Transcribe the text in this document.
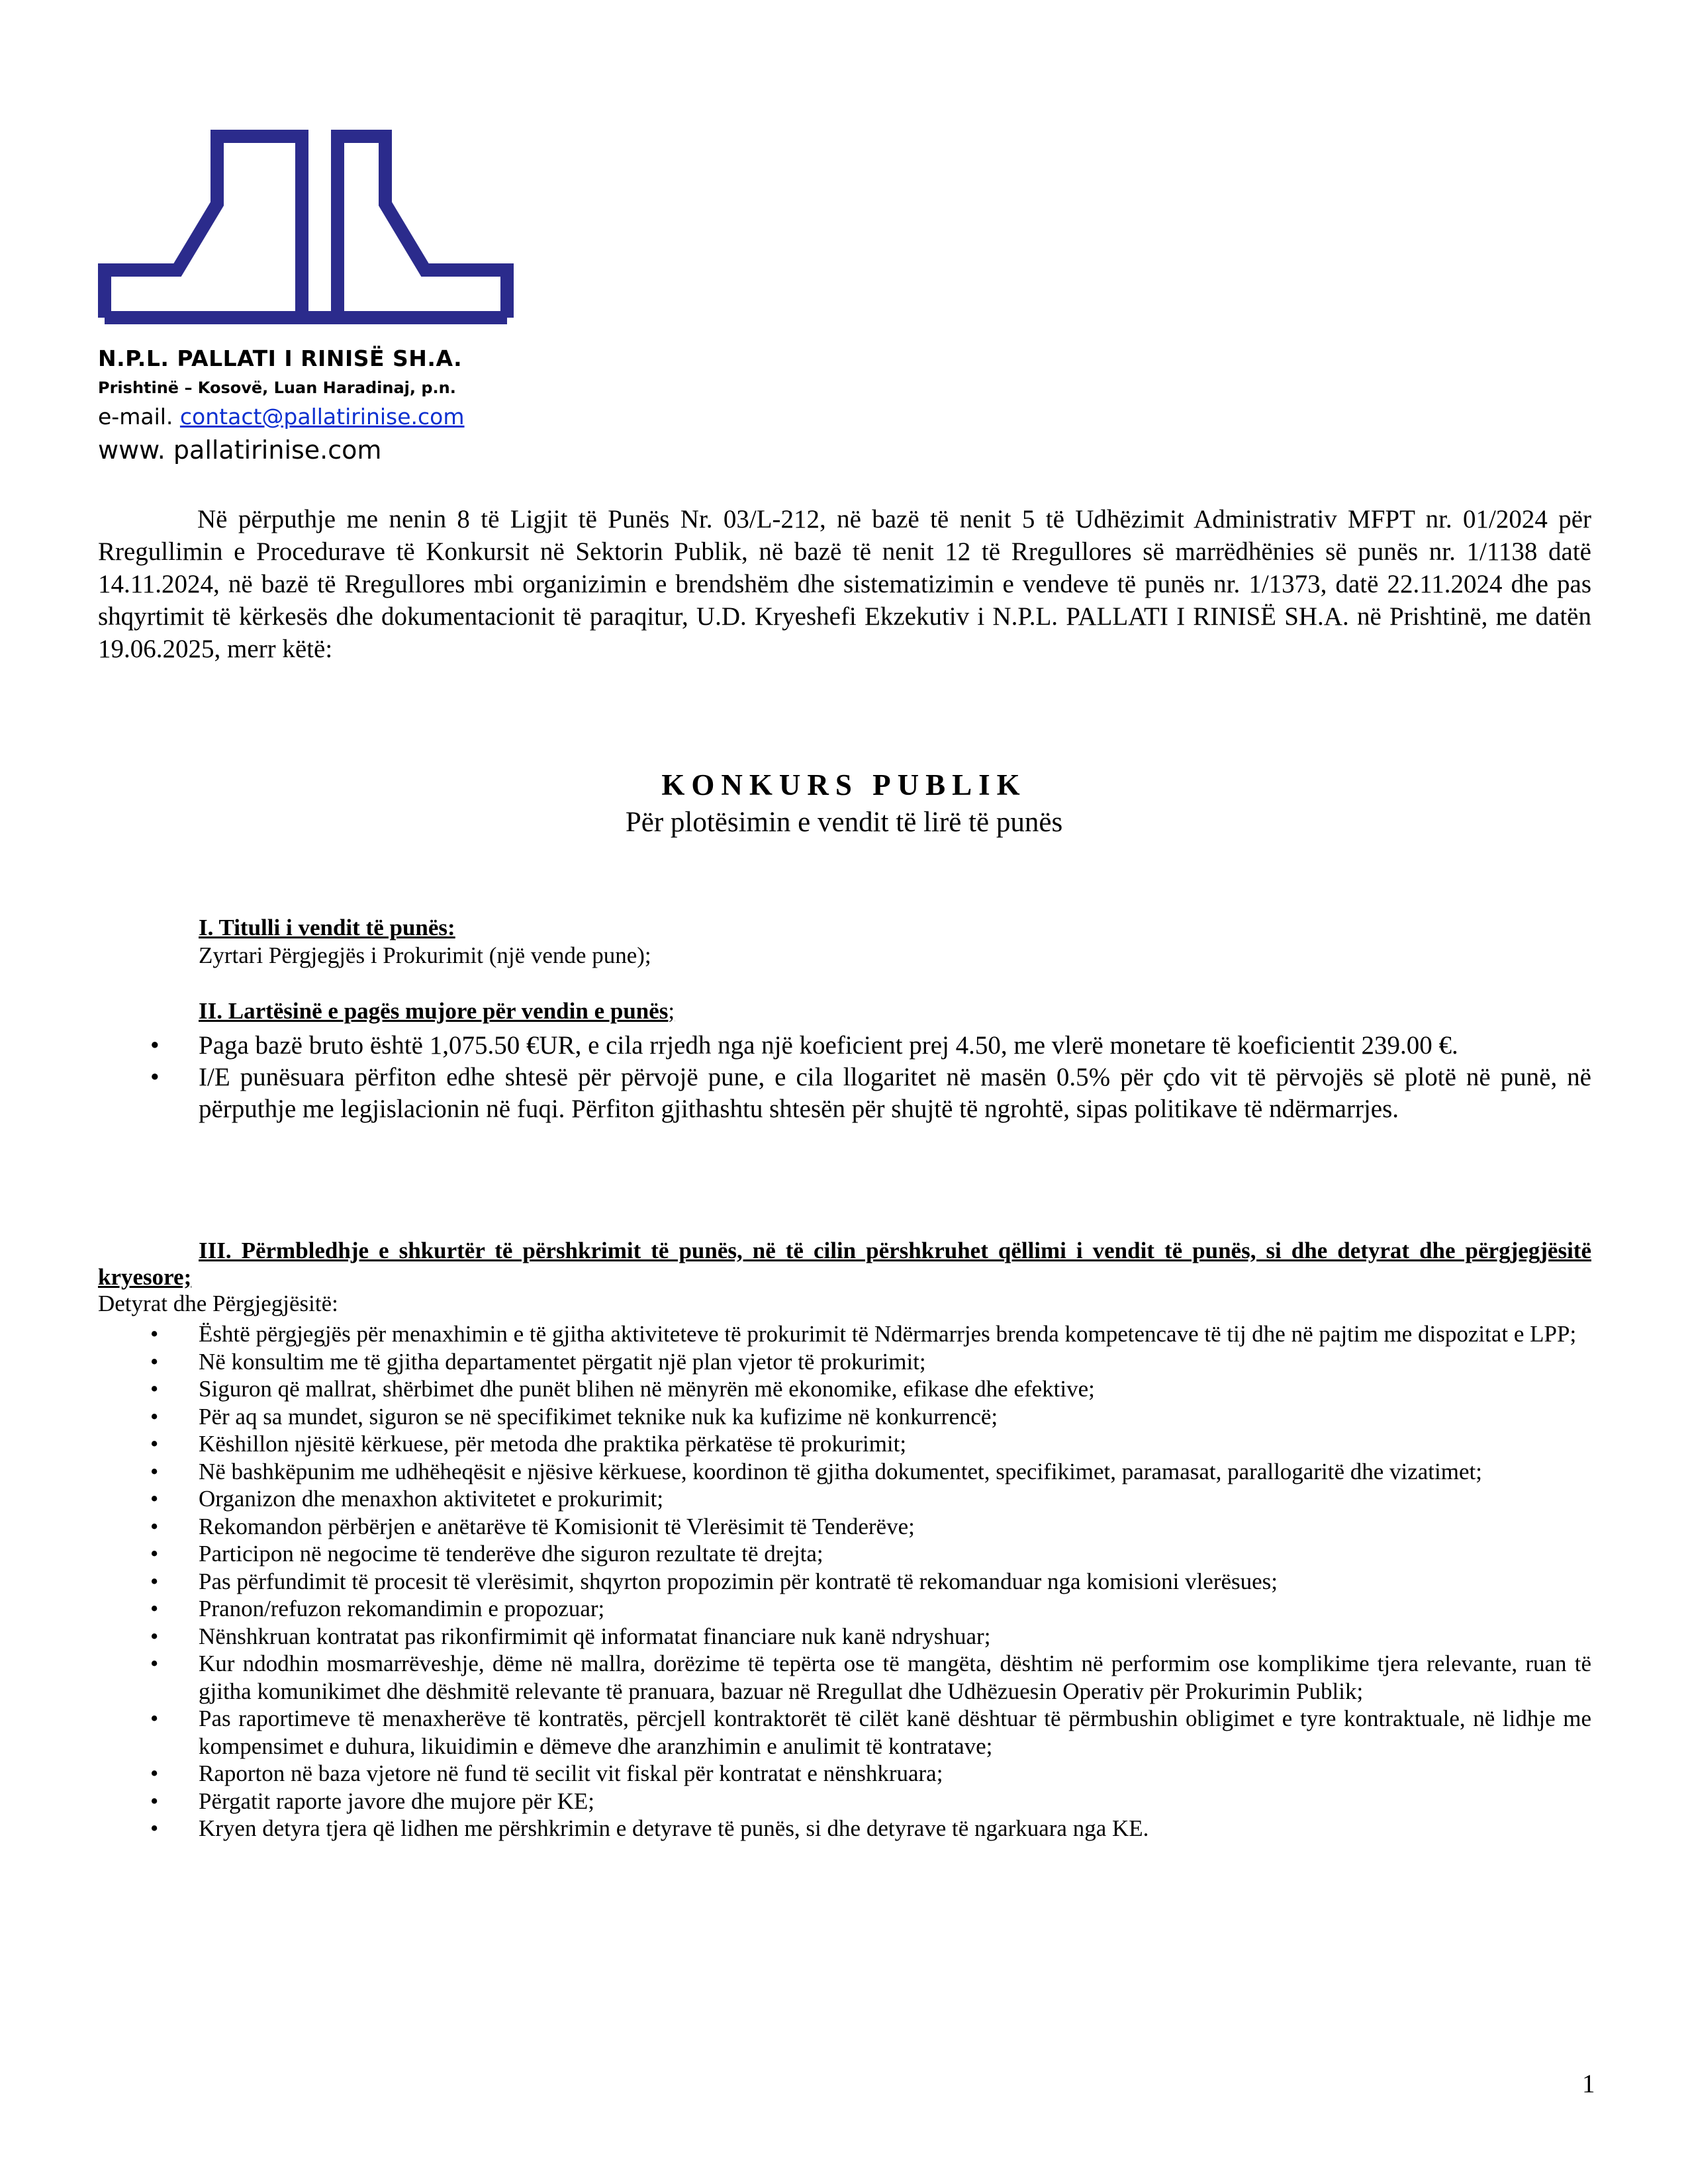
N.P.L. PALLATI I RINISË SH.A.
Prishtinë – Kosovë, Luan Haradinaj, p.n.
e-mail. contact@pallatirinise.com
www. pallatirinise.com

Në përputhje me nenin 8 të Ligjit të Punës Nr. 03/L-212, në bazë të nenit 5 të Udhëzimit Administrativ MFPT nr. 01/2024 për Rregullimin e Procedurave të Konkursit në Sektorin Publik, në bazë të nenit 12 të Rregullores së marrëdhënies së punës nr. 1/1138 datë 14.11.2024, në bazë të Rregullores mbi organizimin e brendshëm dhe sistematizimin e vendeve të punës nr. 1/1373, datë 22.11.2024 dhe pas shqyrtimit të kërkesës dhe dokumentacionit të paraqitur, U.D. Kryeshefi Ekzekutiv i N.P.L. PALLATI I RINISË SH.A. në Prishtinë, me datën 19.06.2025, merr këtë:

KONKURS PUBLIK
Për plotësimin e vendit të lirë të punës
I. Titulli i vendit të punës:
Zyrtari Përgjegjës i Prokurimit (një vende pune);
II. Lartësinë e pagës mujore për vendin e punës;
• Paga bazë bruto është 1,075.50 €UR, e cila rrjedh nga një koeficient prej 4.50, me vlerë monetare të koeficientit 239.00 €.
• I/E punësuara përfiton edhe shtesë për përvojë pune, e cila llogaritet në masën 0.5% për çdo vit të përvojës së plotë në punë, në përputhje me legjislacionin në fuqi. Përfiton gjithashtu shtesën për shujtë të ngrohtë, sipas politikave të ndërmarrjes.
III. Përmbledhje e shkurtër të përshkrimit të punës, në të cilin përshkruhet qëllimi i vendit të punës, si dhe detyrat dhe përgjegjësitë kryesore;
Detyrat dhe Përgjegjësitë:
• Është përgjegjës për menaxhimin e të gjitha aktiviteteve të prokurimit të Ndërmarrjes brenda kompetencave të tij dhe në pajtim me dispozitat e LPP;
• Në konsultim me të gjitha departamentet përgatit një plan vjetor të prokurimit;
• Siguron që mallrat, shërbimet dhe punët blihen në mënyrën më ekonomike, efikase dhe efektive;
• Për aq sa mundet, siguron se në specifikimet teknike nuk ka kufizime në konkurrencë;
• Këshillon njësitë kërkuese, për metoda dhe praktika përkatëse të prokurimit;
• Në bashkëpunim me udhëheqësit e njësive kërkuese, koordinon të gjitha dokumentet, specifikimet, paramasat, parallogaritë dhe vizatimet;
• Organizon dhe menaxhon aktivitetet e prokurimit;
• Rekomandon përbërjen e anëtarëve të Komisionit të Vlerësimit të Tenderëve;
• Participon në negocime të tenderëve dhe siguron rezultate të drejta;
• Pas përfundimit të procesit të vlerësimit, shqyrton propozimin për kontratë të rekomanduar nga komisioni vlerësues;
• Pranon/refuzon rekomandimin e propozuar;
• Nënshkruan kontratat pas rikonfirmimit që informatat financiare nuk kanë ndryshuar;
• Kur ndodhin mosmarrëveshje, dëme në mallra, dorëzime të tepërta ose të mangëta, dështim në performim ose komplikime tjera relevante, ruan të gjitha komunikimet dhe dëshmitë relevante të pranuara, bazuar në Rregullat dhe Udhëzuesin Operativ për Prokurimin Publik;
• Pas raportimeve të menaxherëve të kontratës, përcjell kontraktorët të cilët kanë dështuar të përmbushin obligimet e tyre kontraktuale, në lidhje me kompensimet e duhura, likuidimin e dëmeve dhe aranzhimin e anulimit të kontratave;
• Raporton në baza vjetore në fund të secilit vit fiskal për kontratat e nënshkruara;
• Përgatit raporte javore dhe mujore për KE;
• Kryen detyra tjera që lidhen me përshkrimin e detyrave të punës, si dhe detyrave të ngarkuara nga KE.
1
